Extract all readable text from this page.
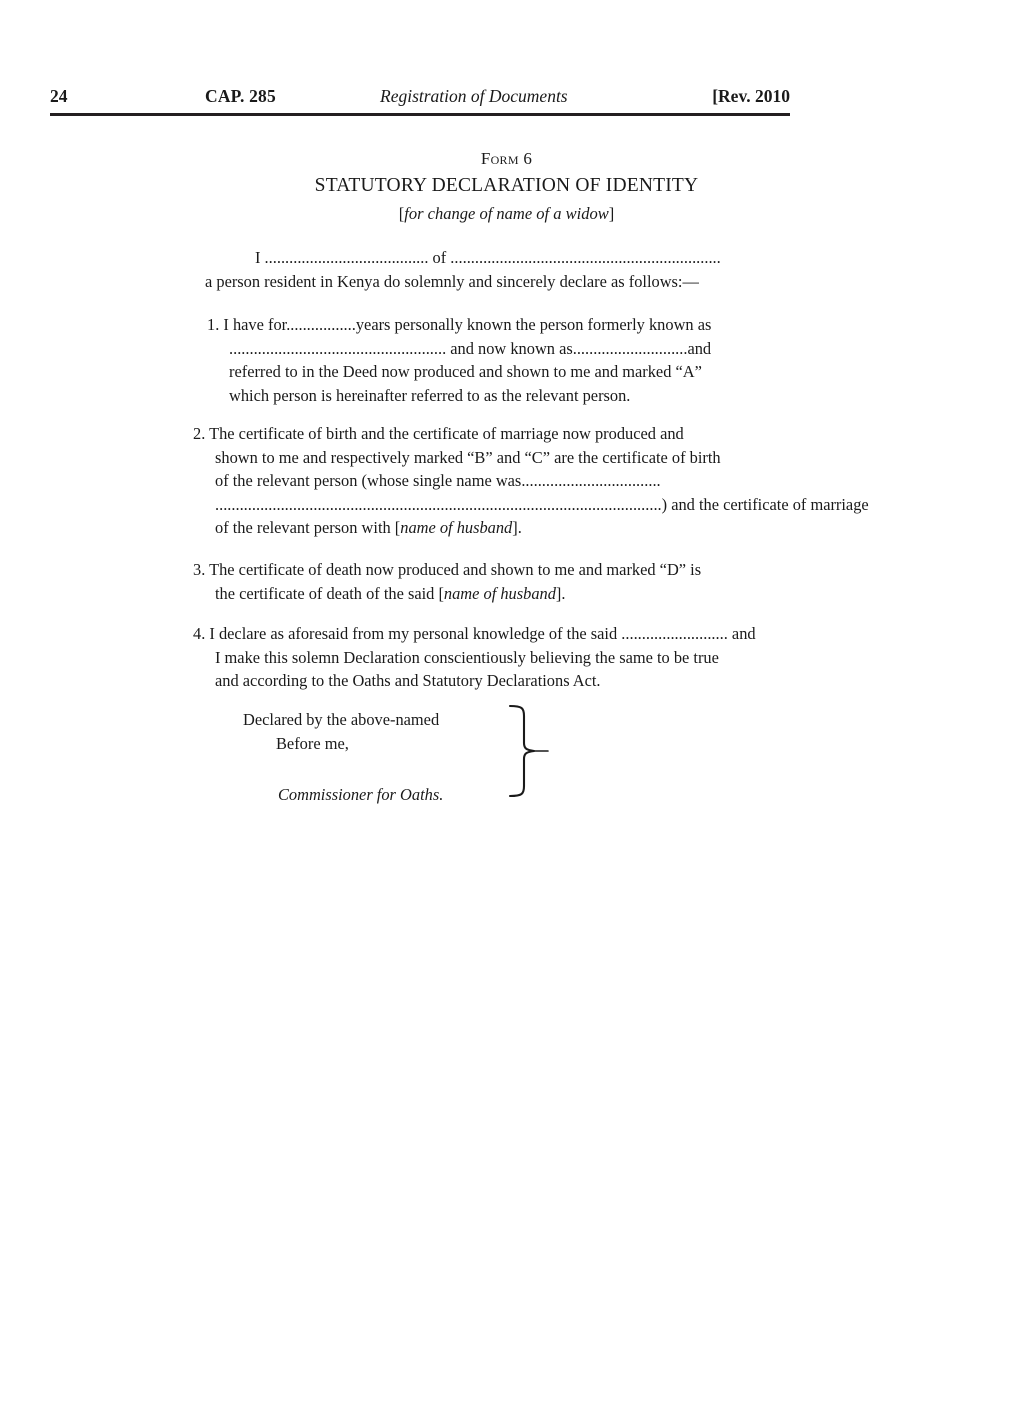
24	CAP. 285	Registration of Documents	[Rev. 2010
Form 6
STATUTORY DECLARATION OF IDENTITY
[for change of name of a widow]
I ........................................ of ..................................................................
a person resident in Kenya do solemnly and sincerely declare as follows:—
1. I have for.................years personally known the person formerly known as
..................................................... and now known as............................and
referred to in the Deed now produced and shown to me and marked “A”
which person is hereinafter referred to as the relevant person.
2. The certificate of birth and the certificate of marriage now produced and
shown to me and respectively marked “B” and “C” are the certificate of birth
of the relevant person (whose single name was..................................
.............................................................................................................) and the certificate of marriage
of the relevant person with [name of husband].
3. The certificate of death now produced and shown to me and marked “D” is
the certificate of death of the said [name of husband].
4. I declare as aforesaid from my personal knowledge of the said .......................... and
I make this solemn Declaration conscientiously believing the same to be true
and according to the Oaths and Statutory Declarations Act.
Declared by the above-named
Before me,
Commissioner for Oaths.
